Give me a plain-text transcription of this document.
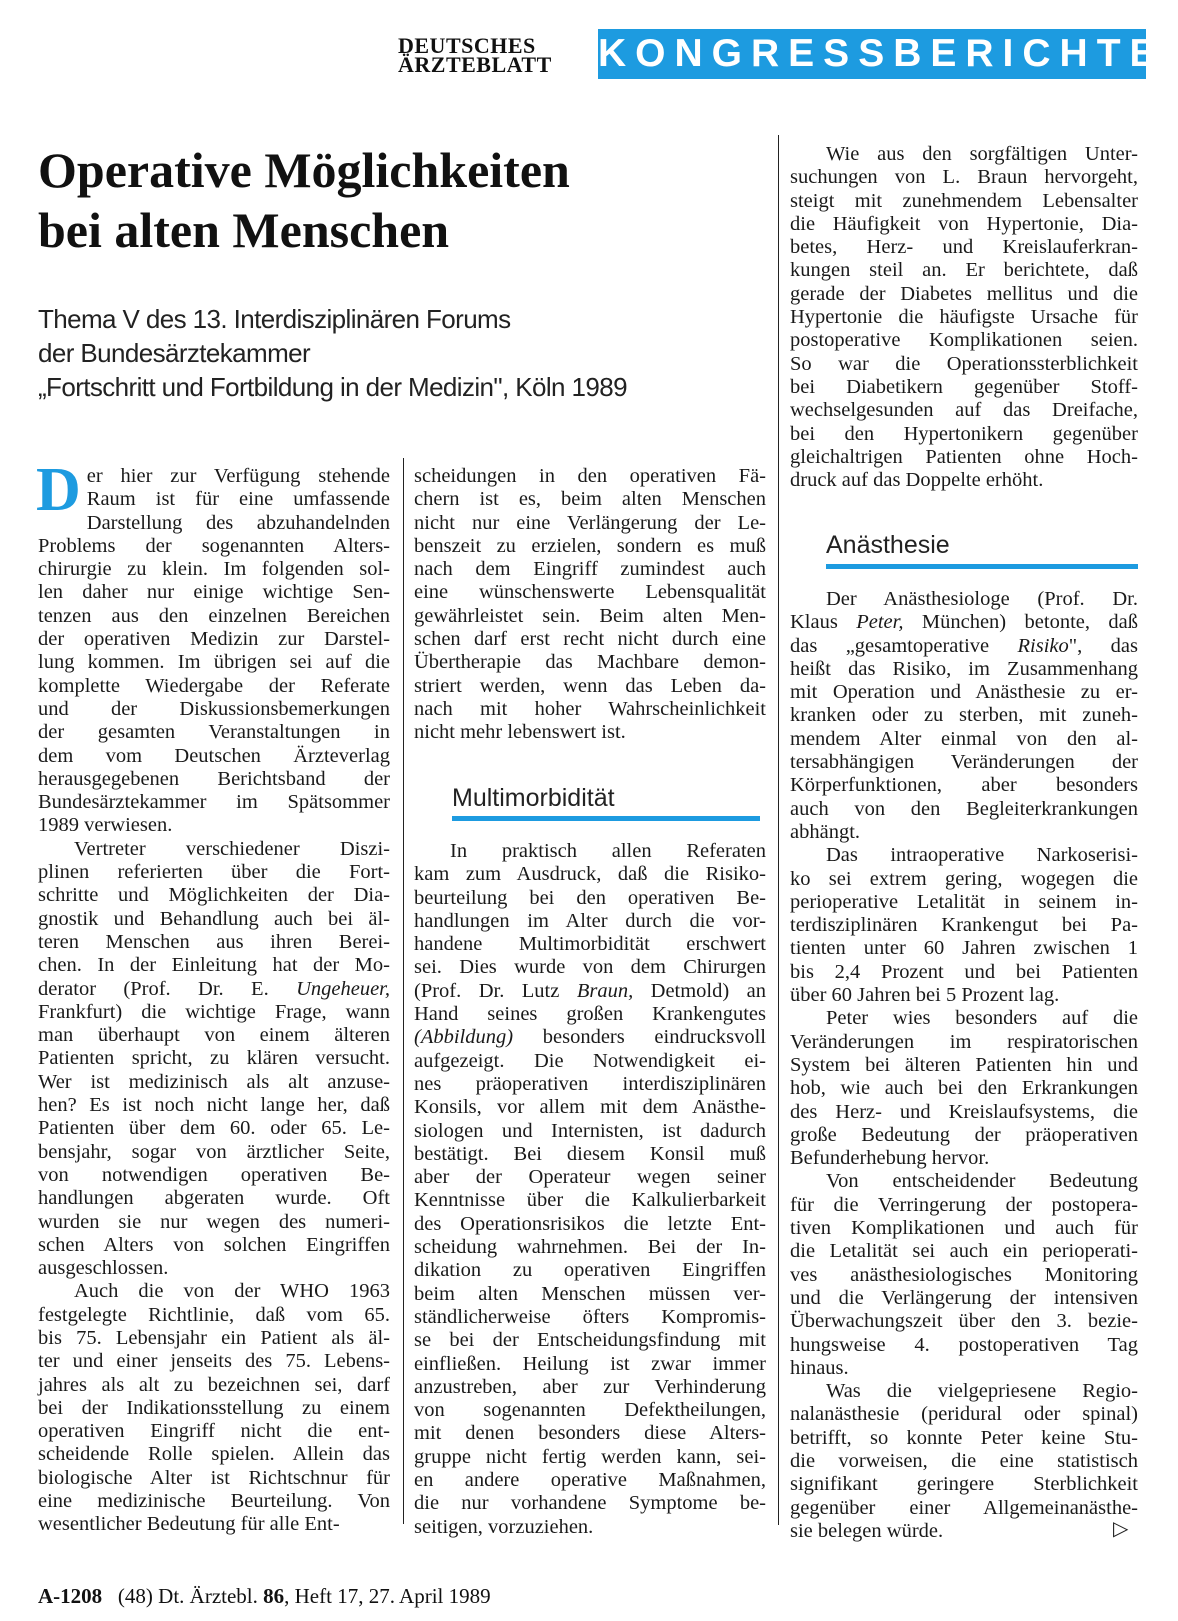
DEUTSCHES
ÄRZTEBLATT	KONGRESSBERICHTE
Operative Möglichkeiten
bei alten Menschen
Thema V des 13. Interdisziplinären Forums
der Bundesärztekammer
„Fortschritt und Fortbildung in der Medizin", Köln 1989
D er hier zur Verfügung stehende
Raum ist für eine umfassende
Darstellung des abzuhandelnden
Problems der sogenannten Alters-
chirurgie zu klein. Im folgenden sol-
len daher nur einige wichtige Sen-
tenzen aus den einzelnen Bereichen
der operativen Medizin zur Darstel-
lung kommen. Im übrigen sei auf die
komplette Wiedergabe der Referate
und der Diskussionsbemerkungen
der gesamten Veranstaltungen in
dem vom Deutschen Ärzteverlag
herausgegebenen Berichtsband der
Bundesärztekammer im Spätsommer
1989 verwiesen.
Vertreter verschiedener Diszi-
plinen referierten über die Fort-
schritte und Möglichkeiten der Dia-
gnostik und Behandlung auch bei äl-
teren Menschen aus ihren Berei-
chen. In der Einleitung hat der Mo-
derator (Prof. Dr. E. Ungeheuer,
Frankfurt) die wichtige Frage, wann
man überhaupt von einem älteren
Patienten spricht, zu klären versucht.
Wer ist medizinisch als alt anzuse-
hen? Es ist noch nicht lange her, daß
Patienten über dem 60. oder 65. Le-
bensjahr, sogar von ärztlicher Seite,
von notwendigen operativen Be-
handlungen abgeraten wurde. Oft
wurden sie nur wegen des numeri-
schen Alters von solchen Eingriffen
ausgeschlossen.
Auch die von der WHO 1963
festgelegte Richtlinie, daß vom 65.
bis 75. Lebensjahr ein Patient als äl-
ter und einer jenseits des 75. Lebens-
jahres als alt zu bezeichnen sei, darf
bei der Indikationsstellung zu einem
operativen Eingriff nicht die ent-
scheidende Rolle spielen. Allein das
biologische Alter ist Richtschnur für
eine medizinische Beurteilung. Von
wesentlicher Bedeutung für alle Ent-
scheidungen in den operativen Fä-
chern ist es, beim alten Menschen
nicht nur eine Verlängerung der Le-
benszeit zu erzielen, sondern es muß
nach dem Eingriff zumindest auch
eine wünschenswerte Lebensqualität
gewährleistet sein. Beim alten Men-
schen darf erst recht nicht durch eine
Übertherapie das Machbare demon-
striert werden, wenn das Leben da-
nach mit hoher Wahrscheinlichkeit
nicht mehr lebenswert ist.
Multimorbidität
In praktisch allen Referaten
kam zum Ausdruck, daß die Risiko-
beurteilung bei den operativen Be-
handlungen im Alter durch die vor-
handene Multimorbidität erschwert
sei. Dies wurde von dem Chirurgen
(Prof. Dr. Lutz Braun, Detmold) an
Hand seines großen Krankengutes
(Abbildung) besonders eindrucksvoll
aufgezeigt. Die Notwendigkeit ei-
nes präoperativen interdisziplinären
Konsils, vor allem mit dem Anästhe-
siologen und Internisten, ist dadurch
bestätigt. Bei diesem Konsil muß
aber der Operateur wegen seiner
Kenntnisse über die Kalkulierbarkeit
des Operationsrisikos die letzte Ent-
scheidung wahrnehmen. Bei der In-
dikation zu operativen Eingriffen
beim alten Menschen müssen ver-
ständlicherweise öfters Kompromis-
se bei der Entscheidungsfindung mit
einfließen. Heilung ist zwar immer
anzustreben, aber zur Verhinderung
von sogenannten Defektheilungen,
mit denen besonders diese Alters-
gruppe nicht fertig werden kann, sei-
en andere operative Maßnahmen,
die nur vorhandene Symptome be-
seitigen, vorzuziehen.
Wie aus den sorgfältigen Unter-
suchungen von L. Braun hervorgeht,
steigt mit zunehmendem Lebensalter
die Häufigkeit von Hypertonie, Dia-
betes, Herz- und Kreislauferkran-
kungen steil an. Er berichtete, daß
gerade der Diabetes mellitus und die
Hypertonie die häufigste Ursache für
postoperative Komplikationen seien.
So war die Operationssterblichkeit
bei Diabetikern gegenüber Stoff-
wechselgesunden auf das Dreifache,
bei den Hypertonikern gegenüber
gleichaltrigen Patienten ohne Hoch-
druck auf das Doppelte erhöht.
Anästhesie
Der Anästhesiologe (Prof. Dr.
Klaus Peter, München) betonte, daß
das „gesamtoperative Risiko", das
heißt das Risiko, im Zusammenhang
mit Operation und Anästhesie zu er-
kranken oder zu sterben, mit zuneh-
mendem Alter einmal von den al-
tersabhängigen Veränderungen der
Körperfunktionen, aber besonders
auch von den Begleiterkrankungen
abhängt.
Das intraoperative Narkoserisi-
ko sei extrem gering, wogegen die
perioperative Letalität in seinem in-
terdisziplinären Krankengut bei Pa-
tienten unter 60 Jahren zwischen 1
bis 2,4 Prozent und bei Patienten
über 60 Jahren bei 5 Prozent lag.
Peter wies besonders auf die
Veränderungen im respiratorischen
System bei älteren Patienten hin und
hob, wie auch bei den Erkrankungen
des Herz- und Kreislaufsystems, die
große Bedeutung der präoperativen
Befunderhebung hervor.
Von entscheidender Bedeutung
für die Verringerung der postopera-
tiven Komplikationen und auch für
die Letalität sei auch ein perioperati-
ves anästhesiologisches Monitoring
und die Verlängerung der intensiven
Überwachungszeit über den 3. bezie-
hungsweise 4. postoperativen Tag
hinaus.
Was die vielgepriesene Regio-
nalanästhesie (peridural oder spinal)
betrifft, so konnte Peter keine Stu-
die vorweisen, die eine statistisch
signifikant geringere Sterblichkeit
gegenüber einer Allgemeinanästhe-
sie belegen würde.	▷
A-1208 (48) Dt. Ärztebl. 86, Heft 17, 27. April 1989
